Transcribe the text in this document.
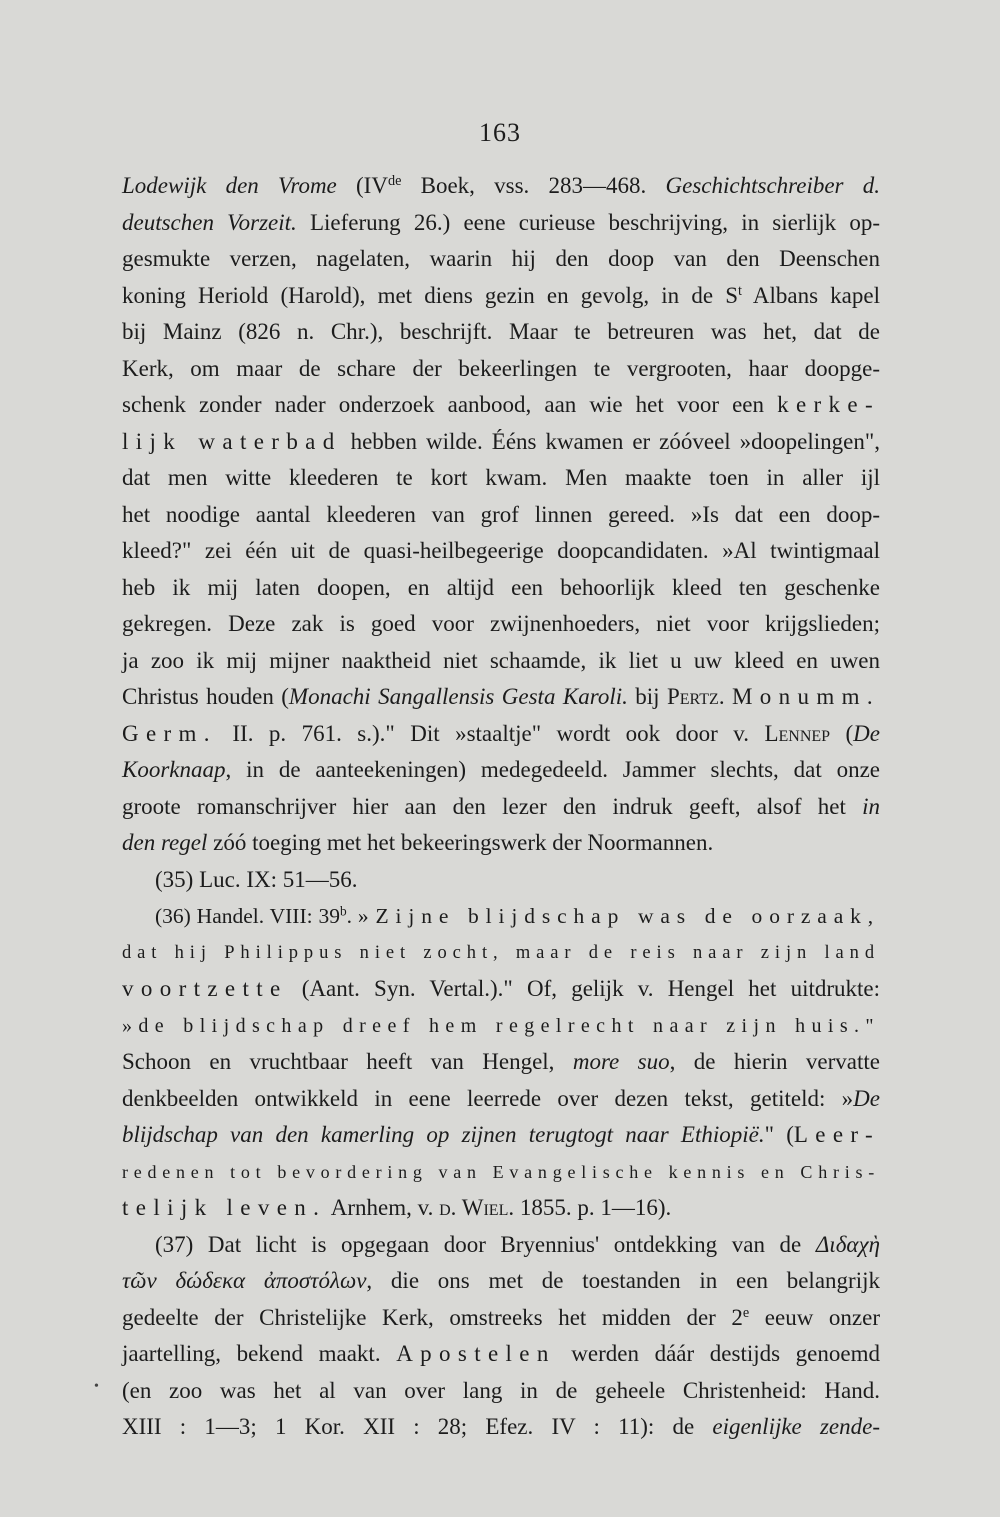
163
Lodewijk den Vrome (IVde Boek, vss. 283—468. Geschichtschreiber d.
deutschen Vorzeit. Lieferung 26.) eene curieuse beschrijving, in sierlijk op-
gesmukte verzen, nagelaten, waarin hij den doop van den Deenschen
koning Heriold (Harold), met diens gezin en gevolg, in de $S^t$ Albans kapel
bij Mainz (826 n. Chr.), beschrijft. Maar te betreuren was het, dat de
Kerk, om maar de schare der bekeerlingen te vergrooten, haar doopge-
schenk zonder nader onderzoek aanbood, aan wie het voor een kerke-
lijk waterbad hebben wilde. Ééns kwamen er zóóveel »doopelingen",
dat men witte kleederen te kort kwam. Men maakte toen in aller ijl
het noodige aantal kleederen van grof linnen gereed. »Is dat een doop-
kleed?" zei één uit de quasi-heilbegeerige doopcandidaten. »Al twintigmaal
heb ik mij laten doopen, en altijd een behoorlijk kleed ten geschenke
gekregen. Deze zak is goed voor zwijnenhoeders, niet voor krijgslieden;
ja zoo ik mij mijner naaktheid niet schaamde, ik liet u uw kleed en uwen
Christus houden (Monachi Sangallensis Gesta Karoli. bij Pertz. Monumm.
Germ. II. p. 761. s.)." Dit »staaltje" wordt ook door v. Lennep (De
Koorknaap, in de aanteekeningen) medegedeeld. Jammer slechts, dat onze
groote romanschrijver hier aan den lezer den indruk geeft, alsof het in
den regel zóó toeging met het bekeeringswerk der Noormannen.
(35) Luc. IX: 51—56.
(36) Handel. VIII: 39$^b$. »Zijne blijdschap was de oorzaak,
dat hij Philippus niet zocht, maar de reis naar zijn land
voortzette (Aant. Syn. Vertal.)." Of, gelijk v. Hengel het uitdrukte:
»de blijdschap dreef hem regelrecht naar zijn huis."
Schoon en vruchtbaar heeft van Hengel, more suo, de hierin vervatte
denkbeelden ontwikkeld in eene leerrede over dezen tekst, getiteld: »De
blijdschap van den kamerling op zijnen terugtogt naar Ethiopië." (Leer-
redenen tot bevordering van Evangelische kennis en Chris-
telijk leven. Arnhem, v. d. Wiel. 1855. p. 1—16).
(37) Dat licht is opgegaan door Bryennius' ontdekking van de Διδαχὴ
τῶν δώδεκα ἀποστόλων, die ons met de toestanden in een belangrijk
gedeelte der Christelijke Kerk, omstreeks het midden der 2e eeuw onzer
jaartelling, bekend maakt. Apostelen werden dáár destijds genoemd
(en zoo was het al van over lang in de geheele Christenheid: Hand.
XIII : 1—3; 1 Kor. XII : 28; Efez. IV : 11): de eigenlijke zende-
•
